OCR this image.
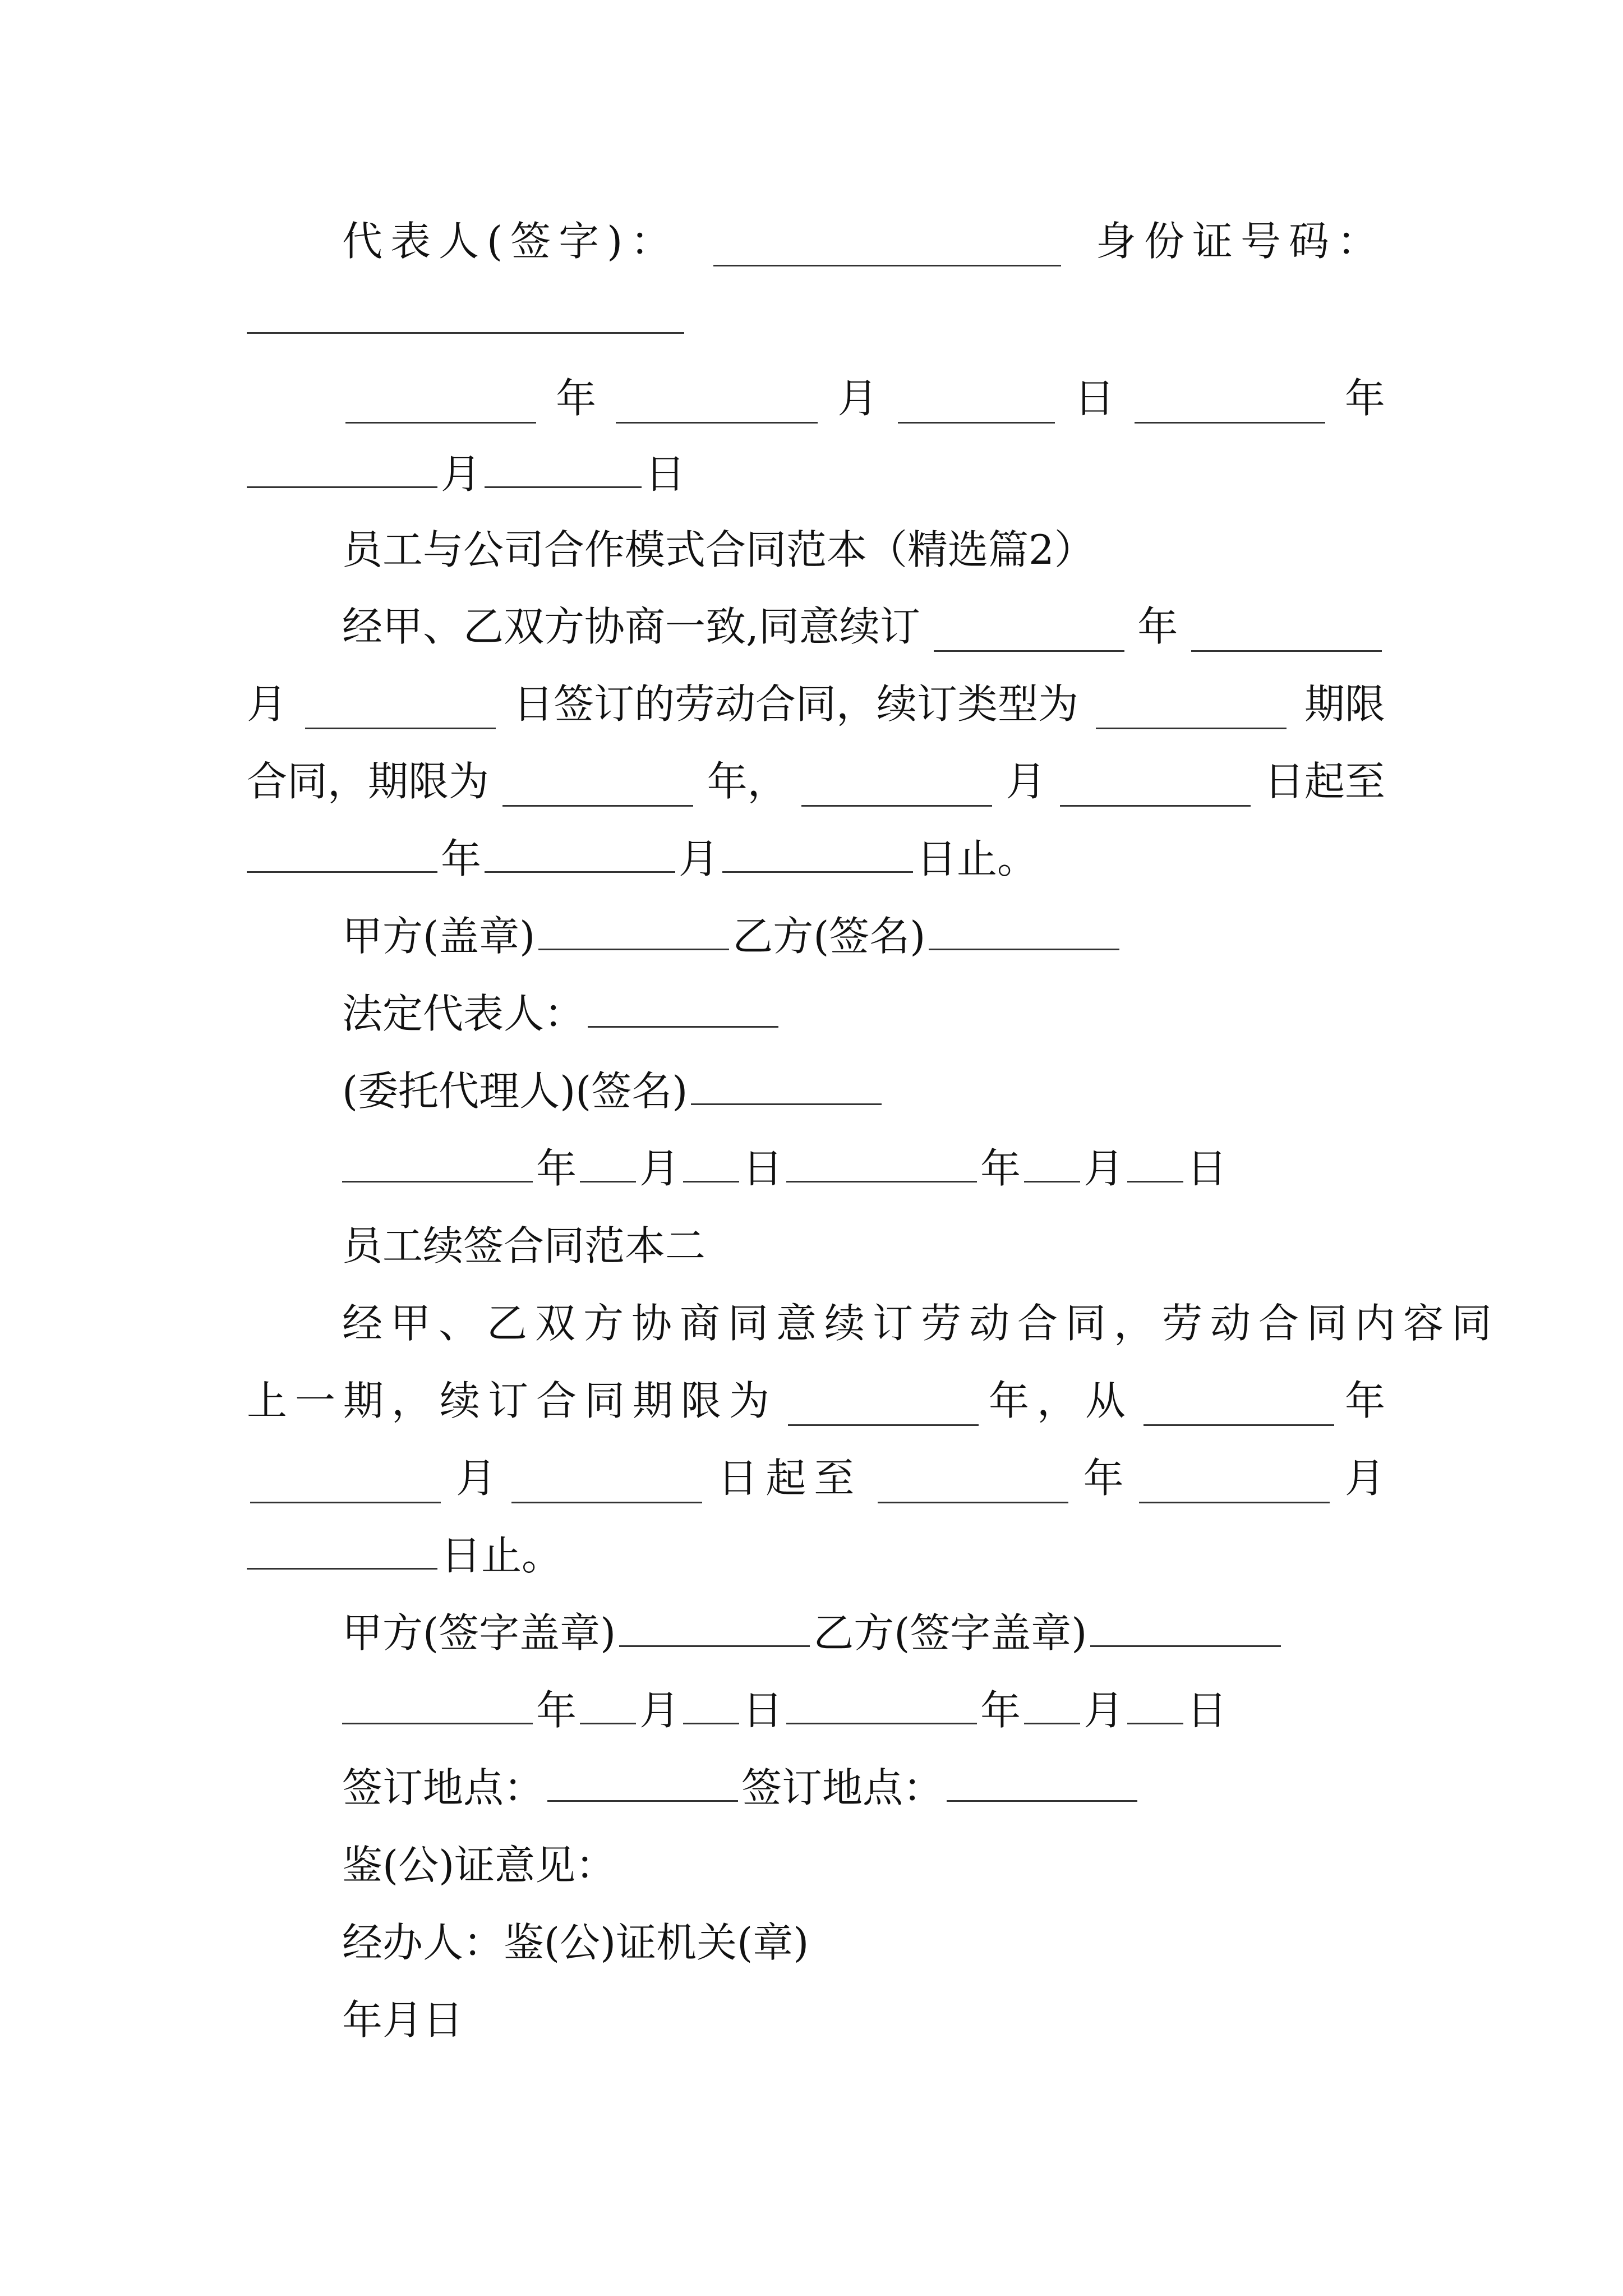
代表人(签字)：	身份证号码：
年	月	日	年
月	日
员工与公司合作模式合同范本（精选篇2）
经甲、乙双方协商一致,同意续订	年
月	日签订的劳动合同，续订类型为	期限
合同，期限为	年，	月	日起至
年	月	日止。
甲方(盖章)	乙方(签名)
法定代表人：
(委托代理人)(签名)
年 月 日	年 月 日
员工续签合同范本二
经甲、乙双方协商同意续订劳动合同，劳动合同内容同
上一期，续订合同期限为	年，从	年
月	日起至	年	月
日止。
甲方(签字盖章)	乙方(签字盖章)
年 月 日	年 月 日
签订地点：	签订地点：
鉴(公)证意见：
经办人：鉴(公)证机关(章)
年月日
